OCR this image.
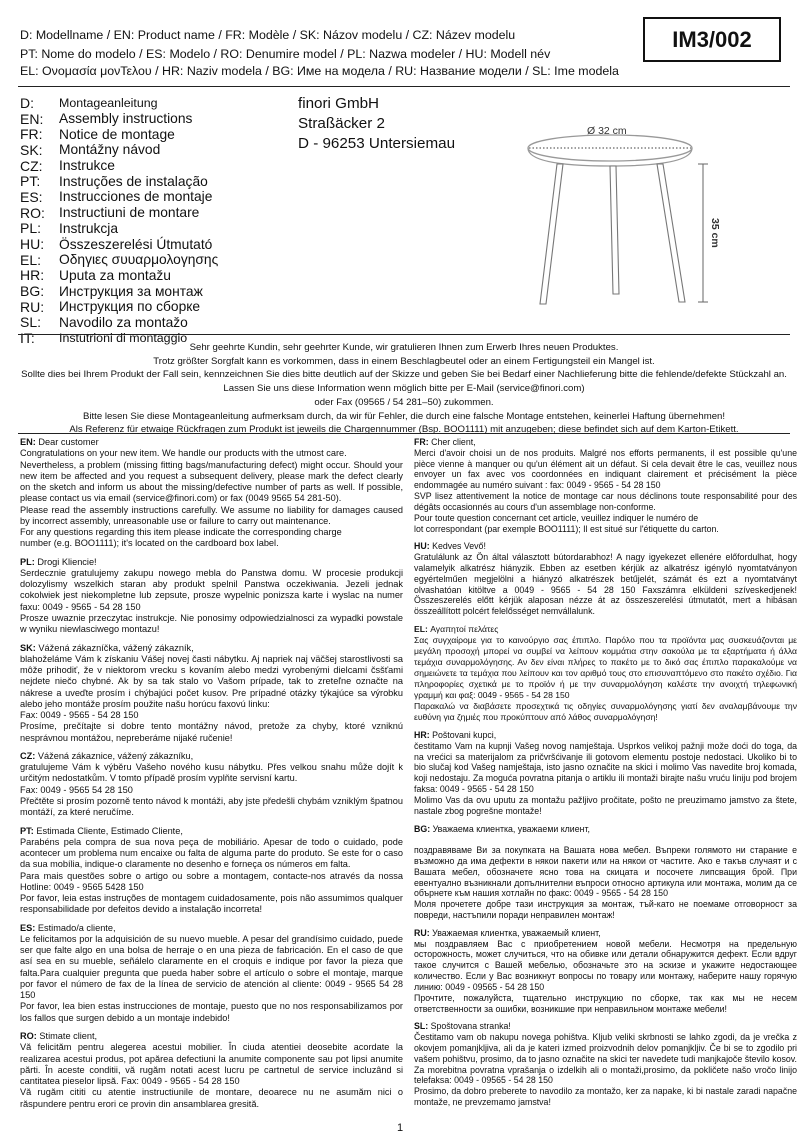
D: Modellname / EN: Product name / FR: Modèle / SK: Názov modelu / CZ: Název modelu
PT: Nome do modelo / ES: Modelo / RO: Denumire model / PL: Nazwa modeler / HU: Modell név
EL: Ονομασία μονΤελου / HR: Naziv modela / BG: Име на модела / RU: Название модели / SL: Ime modela
IM3/002
D:	Montageanleitung
EN:	Assembly instructions
FR:	Notice de montage
SK:	Montážny návod
CZ:	Instrukce
PT:	Instruções de instalação
ES:	Instrucciones de montaje
RO:	Instructiuni de montare
PL:	Instrukcja
HU:	Összeszerelési Útmutató
EL:	Οδηγιες συυαρμολογησης
HR:	Uputa za montažu
BG:	Инструкция за монтаж
RU:	Инструкция по сборке
SL:	Navodilo za montažo
IT:	Instutrioni di montaggio
finori GmbH
Straßäcker 2
D - 96253 Untersiemau
Ø 32 cm
35 cm
Sehr geehrte Kundin, sehr geehrter Kunde, wir gratulieren Ihnen zum Erwerb Ihres neuen Produktes.
Trotz größter Sorgfalt kann es vorkommen, dass in einem Beschlagbeutel oder an einem Fertigungsteil ein Mangel ist.
Sollte dies bei Ihrem Produkt der Fall sein, kennzeichnen Sie dies bitte deutlich auf der Skizze und geben Sie bei Bedarf einer Nachlieferung bitte die fehlende/defekte Stückzahl an.
Lassen Sie uns diese Information wenn möglich bitte per E-Mail (service@finori.com)
oder Fax (09565 / 54 281–50) zukommen.
Bitte lesen Sie diese Montageanleitung aufmerksam durch, da wir für Fehler, die durch eine falsche Montage entstehen, keinerlei Haftung übernehmen!
Als Referenz für etwaige Rückfragen zum Produkt ist jeweils die Chargennummer (Bsp. BOO1111) mit anzugeben; diese befindet sich auf dem Karton-Etikett.
EN: Dear customer
Congratulations on your new item. We handle our products with the utmost care.
Nevertheless, a problem (missing fitting bags/manufacturing defect) might occur. Should your new item be affected and you request a subsequent delivery, please mark the defect clearly on the sketch and inform us about the missing/defective number of parts as well. If possible, please contact us via email (service@finori.com) or fax (0049 9565 54 281-50).
Please read the assembly instructions carefully. We assume no liability for damages caused by incorrect assembly, unreasonable use or failure to carry out maintenance.
For any questions regarding this item please indicate the corresponding charge
number (e.g. BOO1111); it's located on the cardboard box label.
PL: Drogi Kliencie!
Serdecznie gratulujemy zakupu nowego mebla do Panstwa domu. W procesie produkcji dolozylismy wszelkich staran aby produkt spelnil Panstwa oczekiwania. Jezeli jednak cokolwiek jest niekompletne lub zepsute, prosze wypelnic ponizsza karte i wyslac na numer faxu: 0049 - 9565 - 54 28 150
Prosze uwaznie przeczytac instrukcje. Nie ponosimy odpowiedzialnosci za wypadki powstale w wyniku niewlasciwego montazu!
SK: Vážená zákazníčka, vážený zákazník,
blahoželáme Vám k získaniu Vášej novej časti nábytku. Aj napriek naj väčšej starostlivosti sa môže prihodiť, že v niektorom vrecku s kovaním alebo medzi vyrobenými dielcami čsšťami nejdete niečo chybné. Ak by sa tak stalo vo Vašom prípade, tak to zreteľne označte na nákrese a uveďte prosím i chýbajúci počet kusov. Pre prípadné otázky týkajúce sa výrobku alebo jeho montáže prosím použite našu horúcu faxovú linku:
Fax: 0049 - 9565 - 54 28 150
Prosíme, prečítajte si dobre tento montážny návod, pretože za chyby, ktoré vzniknú nesprávnou montážou, nepreberáme nijaké ručenie!
CZ: Vážená zákaznice, vážený zákazníku,
gratulujeme Vám k výběru Vašeho nového kusu nábytku. Přes velkou snahu může dojít k určitým nedostatkům. V tomto případě prosím vyplňte servisní kartu.
Fax: 0049 - 9565 54 28 150
Přečtěte si prosím pozorně tento návod k montáži, aby jste předešli chybám vzniklým špatnou montáží, za které neručíme.
PT: Estimada Cliente, Estimado Cliente,
Parabéns pela compra de sua nova peça de mobiliário. Apesar de todo o cuidado, pode acontecer um problema num encaixe ou falta de alguma parte do produto. Se este for o caso da sua mobília, indique-o claramente no desenho e forneça os números em falta.
Para mais questões sobre o artigo ou sobre a montagem, contacte-nos através da nossa Hotline: 0049 - 9565 5428 150
Por favor, leia estas instruções de montagem cuidadosamente, pois não assumimos qualquer responsabilidade por defeitos devido a instalação incorreta!
ES: Estimado/a cliente,
Le felicitamos por la adquisición de su nuevo mueble. A pesar del grandísimo cuidado, puede ser que falte algo en una bolsa de herraje o en una pieza de fabricación. En el caso de que así sea en su mueble, señálelo claramente en el croquis e indique por favor la pieza que falta.Para cualquier pregunta que pueda haber sobre el artículo o sobre el montaje, marque por favor el número de fax de la línea de servicio de atención al cliente: 0049 - 9565 54 28 150
Por favor, lea bien estas instrucciones de montaje, puesto que no nos responsabilizamos por los fallos que surgen debido a un montaje indebido!
RO: Stimate client,
Vă felicităm pentru alegerea acestui mobilier. În ciuda atentiei deosebite acordate la realizarea acestui produs, pot apărea defectiuni la anumite componente sau pot lipsi anumite părti. În aceste conditii, vă rugăm notati acest lucru pe cartnetul de service incluzând si cantitatea pieselor lipsă. Fax: 0049 - 9565 - 54 28 150
Vă rugăm cititi cu atentie instructiunile de montare, deoarece nu ne asumăm nici o răspundere pentru erori ce provin din ansamblarea gresită.
FR: Cher client,
Merci d'avoir choisi un de nos produits. Malgré nos efforts permanents, il est possible qu'une pièce vienne à manquer ou qu'un élément ait un défaut. Si cela devait être le cas, veuillez nous envoyer un fax avec vos coordonnées en indiquant clairement et précisément la pièce endommagée au numéro suivant : fax: 0049 - 9565 - 54 28 150
SVP lisez attentivement la notice de montage car nous déclinons toute responsabilité pour des dégâts occasionnés au cours d'un assemblage non-conforme.
Pour toute question concernant cet article, veuillez indiquer le numéro de
lot correspondant (par exemple BOO1111); Il est situé sur l'étiquette du carton.
HU: Kedves Vevő!
Gratulálunk az Ön által választott bútordarabhoz! A nagy igyekezet ellenére előfordulhat, hogy valamelyik alkatrész hiányzik. Ebben az esetben kérjük az alkatrész igényló nyomtatványon egyértelműen megjelölni a hiányzó alkatrészek betűjelét, számát és ezt a nyomtatványt olvashatóan kitöltve a 0049 - 9565 - 54 28 150 Faxszámra elküldeni szíveskedjenek! Összeszerelés előtt kérjük alaposan nézze át az összeszerelési útmutatót, mert a hibásan összeállított polcért felelősséget nemvállalunk.
EL: Αγαπητοί πελάτες
Σας συγχαίρομε για το καινούργιο σας έπιπλο. Παρόλο που τα προϊόντα μας συσκευάζονται με μεγάλη προσοχή μπορεί να συμβεί να λείπουν κομμάτια στην σακούλα με τα εξαρτήματα ή άλλα τεμάχια συναρμολόγησης. Αν δεν είναι πλήρες το πακέτο με το δικό σας έπιπλο παρακαλούμε να σημειώνετε τα τεμάχια που λείπουν και τον αριθμό τους στο επισυναπτόμενο στο πακέτο σχέδιο. Για πληροφορίες σχετικά με το προϊόν ή με την συναρμολόγηση καλέστε την ανοιχτή τηλεφωνική γραμμή και φαξ: 0049 - 9565 - 54 28 150
Παρακαλώ να διαβάσετε προσεχτικά τις οδηγίες συναρμολόγησης γιατί δεν αναλαμβάνουμε την ευθύνη για ζημιές που προκύπτουν από λάθος συναρμολόγηση!
HR: Poštovani kupci,
čestitamo Vam na kupnji Vašeg novog namještaja. Usprkos velikoj pažnji može doći do toga, da na vrećici sa materijalom za pričvršćivanje ili gotovom elementu postoje nedostaci. Ukoliko bi to bio slučaj kod Vašeg namještaja, isto jasno označite na skici i molimo Vas navedite broj komada, koji nedostaju. Za moguća povratna pitanja o artiklu ili montaži birajte našu vruću liniju pod brojem faksa: 0049 - 9565 - 54 28 150
Molimo Vas da ovu uputu za montažu pažljivo pročitate, pošto ne preuzimamo jamstvo za štete, nastale zbog pogrešne montaže!
BG: Уважаема клиентка, уважаеми клиент,

поздравяваме Ви за покупката на Вашата нова мебел. Въпреки голямото ни старание е възможно да има дефекти в някои пакети или на някои от частите. Ако е такъв случаят и с Вашата мебел, обозначете ясно това на скицата и посочете липсващия брой. При евентуално възникнали допълнителни въпроси относно артикула или монтажа, молим да се обърнете към нашия хотлайн по факс: 0049 - 9565 - 54 28 150
Моля прочетете добре тази инструкция за монтаж, тъй-като не поемаме отговорност за повреди, настъпили поради неправилен монтаж!
RU: Уважаемая клиентка, уважаемый клиент,
мы поздравляем Вас с приобретением новой мебели. Несмотря на предельную осторожность, может случиться, что на обивке или детали обнаружится дефект. Если вдруг такое случится с Вашей мебелью, обозначьте это на эскизе и укажите недостающее количество. Если у Вас возникнут вопросы по товару или монтажу, наберите нашу горячую линию: 0049 - 09565 - 54 28 150
Прочтите, пожалуйста, тщательно инструкцию по сборке, так как мы не несем ответственности за ошибки, возникшие при неправильном монтаже мебели!
SL: Spoštovana stranka!
Čestitamo vam ob nakupu novega pohištva. Kljub veliki skrbnosti se lahko zgodi, da je vrečka z okovjem pomanjkljiva, ali da je kateri izmed proizvodnih delov pomanjkljiv. Če bi se to zgodilo pri vašem pohištvu, prosimo, da to jasno označite na skici ter navedete tudi manjkajoče število kosov. Za morebitna povratna vprašanja o izdelkih ali o montaži,prosimo, da pokličete našo vročo linijo telefaksa: 0049 - 09565 - 54 28 150
Prosimo, da dobro preberete to navodilo za montažo, ker za napake, ki bi nastale zaradi napačne montaže, ne prevzemamo jamstva!
1
